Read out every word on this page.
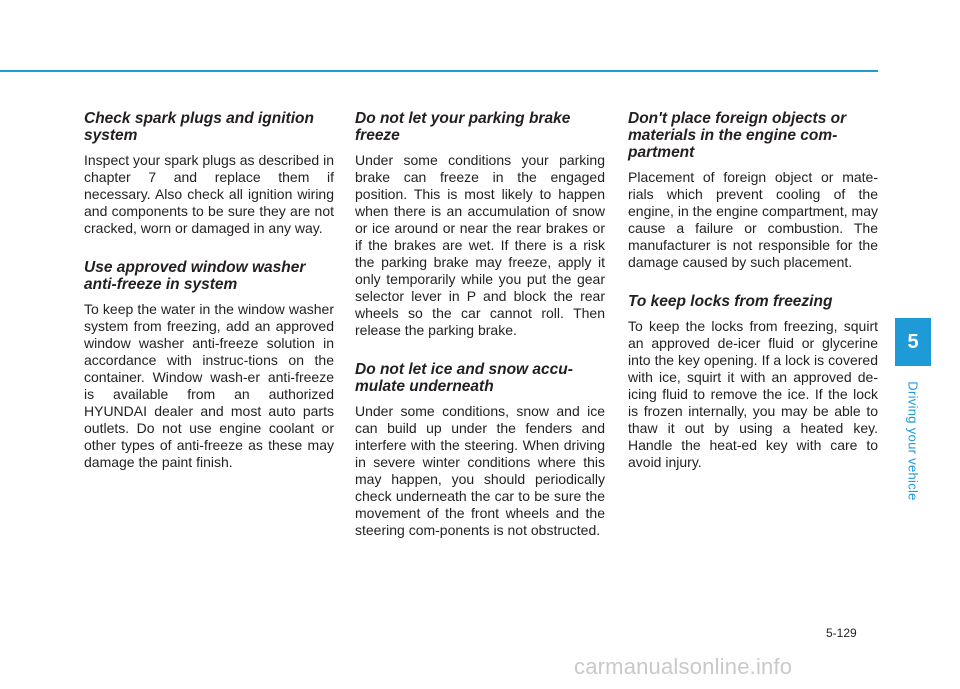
Check spark plugs and ignition system

Inspect your spark plugs as described in chapter 7 and replace them if necessary. Also check all ignition wiring and components to be sure they are not cracked, worn or damaged in any way.

Use approved window washer anti-freeze in system

To keep the water in the window washer system from freezing, add an approved window washer anti-freeze solution in accordance with instruc-tions on the container. Window wash-er anti-freeze is available from an authorized HYUNDAI dealer and most auto parts outlets. Do not use engine coolant or other types of anti-freeze as these may damage the paint finish.

Do not let your parking brake freeze

Under some conditions your parking brake can freeze in the engaged position. This is most likely to happen when there is an accumulation of snow or ice around or near the rear brakes or if the brakes are wet. If there is a risk the parking brake may freeze, apply it only temporarily while you put the gear selector lever in P and block the rear wheels so the car cannot roll. Then release the parking brake.

Do not let ice and snow accu-mulate underneath

Under some conditions, snow and ice can build up under the fenders and interfere with the steering. When driving in severe winter conditions where this may happen, you should periodically check underneath the car to be sure the movement of the front wheels and the steering com-ponents is not obstructed.

Don't place foreign objects or materials in the engine com-partment

Placement of foreign object or mate-rials which prevent cooling of the engine, in the engine compartment, may cause a failure or combustion. The manufacturer is not responsible for the damage caused by such placement.

To keep locks from freezing

To keep the locks from freezing, squirt an approved de-icer fluid or glycerine into the key opening. If a lock is covered with ice, squirt it with an approved de-icing fluid to remove the ice. If the lock is frozen internally, you may be able to thaw it out by using a heated key. Handle the heat-ed key with care to avoid injury.

5
Driving your vehicle
5-129
carmanualsonline.info
